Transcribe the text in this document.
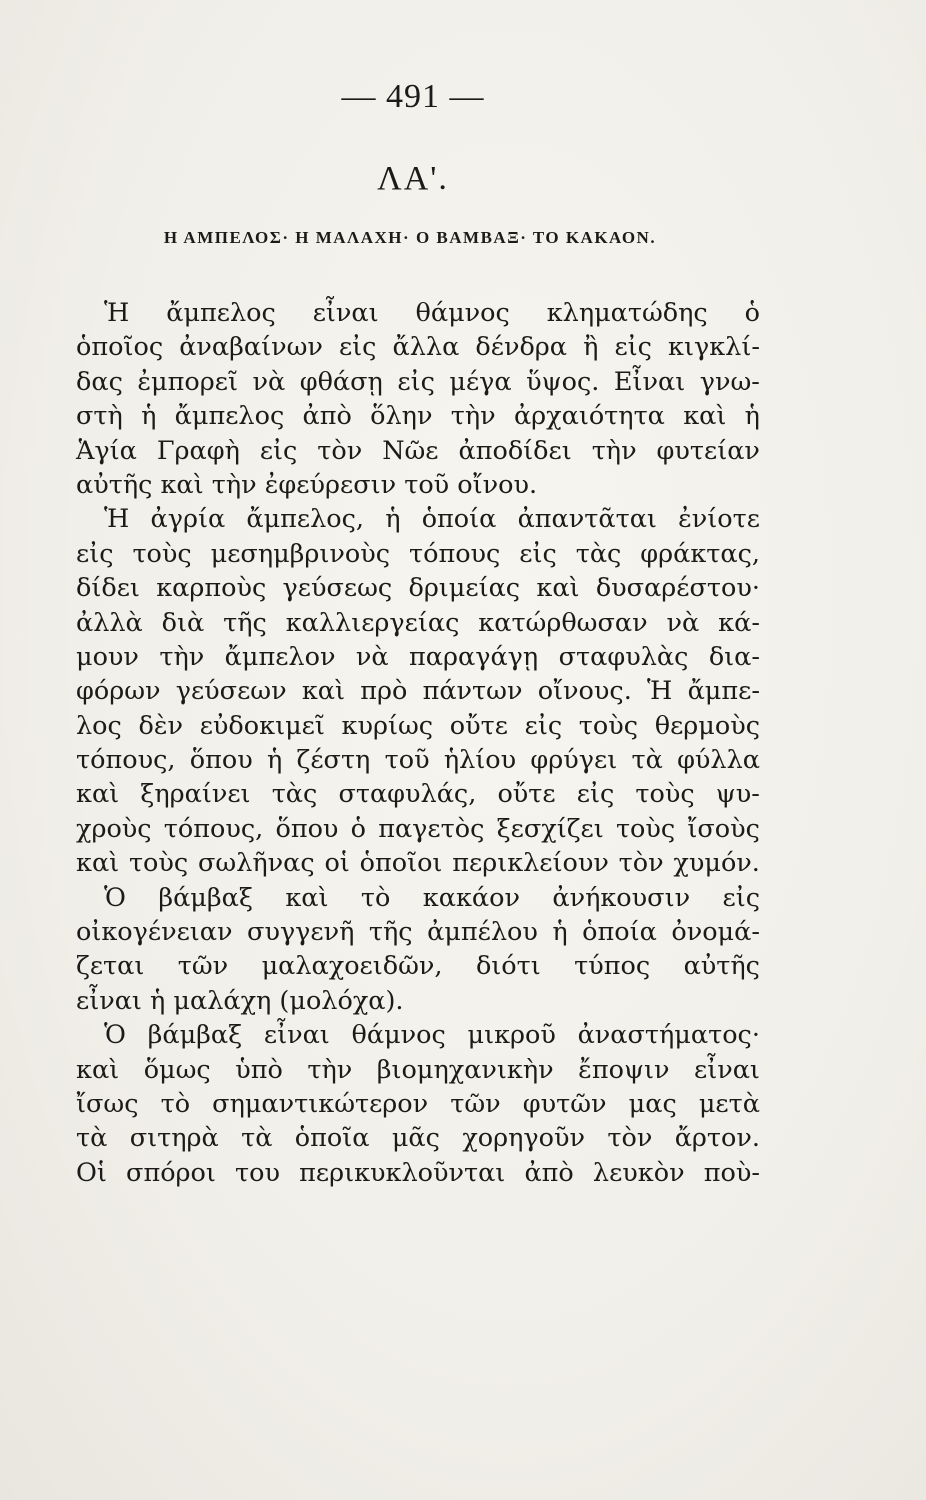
— 491 —
ΛΑ'.
Η ΑΜΠΕΛΟΣ· Η ΜΑΛΑΧΗ· Ο ΒΑΜΒΑΞ· ΤΟ ΚΑΚΑΟΝ.
Ἡ ἄμπελος εἶναι θάμνος κληματώδης ὁ
ὁποῖος ἀναβαίνων εἰς ἄλλα δένδρα ἢ εἰς κιγκλί-
δας ἐμπορεῖ νὰ φθάσῃ εἰς μέγα ὕψος. Εἶναι γνω-
στὴ ἡ ἄμπελος ἀπὸ ὅλην τὴν ἀρχαιότητα καὶ ἡ
Ἁγία Γραφὴ εἰς τὸν Νῶε ἀποδίδει τὴν φυτείαν
αὐτῆς καὶ τὴν ἐφεύρεσιν τοῦ οἴνου.
Ἡ ἀγρία ἄμπελος, ἡ ὁποία ἀπαντᾶται ἐνίοτε
εἰς τοὺς μεσημβρινοὺς τόπους εἰς τὰς φράκτας,
δίδει καρποὺς γεύσεως δριμείας καὶ δυσαρέστου·
ἀλλὰ διὰ τῆς καλλιεργείας κατώρθωσαν νὰ κά-
μουν τὴν ἄμπελον νὰ παραγάγῃ σταφυλὰς δια-
φόρων γεύσεων καὶ πρὸ πάντων οἴνους. Ἡ ἄμπε-
λος δὲν εὐδοκιμεῖ κυρίως οὔτε εἰς τοὺς θερμοὺς
τόπους, ὅπου ἡ ζέστη τοῦ ἡλίου φρύγει τὰ φύλλα
καὶ ξηραίνει τὰς σταφυλάς, οὔτε εἰς τοὺς ψυ-
χροὺς τόπους, ὅπου ὁ παγετὸς ξεσχίζει τοὺς ἴσοὺς
καὶ τοὺς σωλῆνας οἱ ὁποῖοι περικλείουν τὸν χυμόν.
Ὁ βάμβαξ καὶ τὸ κακάον ἀνήκουσιν εἰς
οἰκογένειαν συγγενῆ τῆς ἀμπέλου ἡ ὁποία ὀνομά-
ζεται τῶν μαλαχοειδῶν, διότι τύπος αὐτῆς
εἶναι ἡ μαλάχη (μολόχα).
Ὁ βάμβαξ εἶναι θάμνος μικροῦ ἀναστήματος·
καὶ ὅμως ὑπὸ τὴν βιομηχανικὴν ἔποψιν εἶναι
ἴσως τὸ σημαντικώτερον τῶν φυτῶν μας μετὰ
τὰ σιτηρὰ τὰ ὁποῖα μᾶς χορηγοῦν τὸν ἄρτον.
Οἱ σπόροι του περικυκλοῦνται ἀπὸ λευκὸν ποὺ-
